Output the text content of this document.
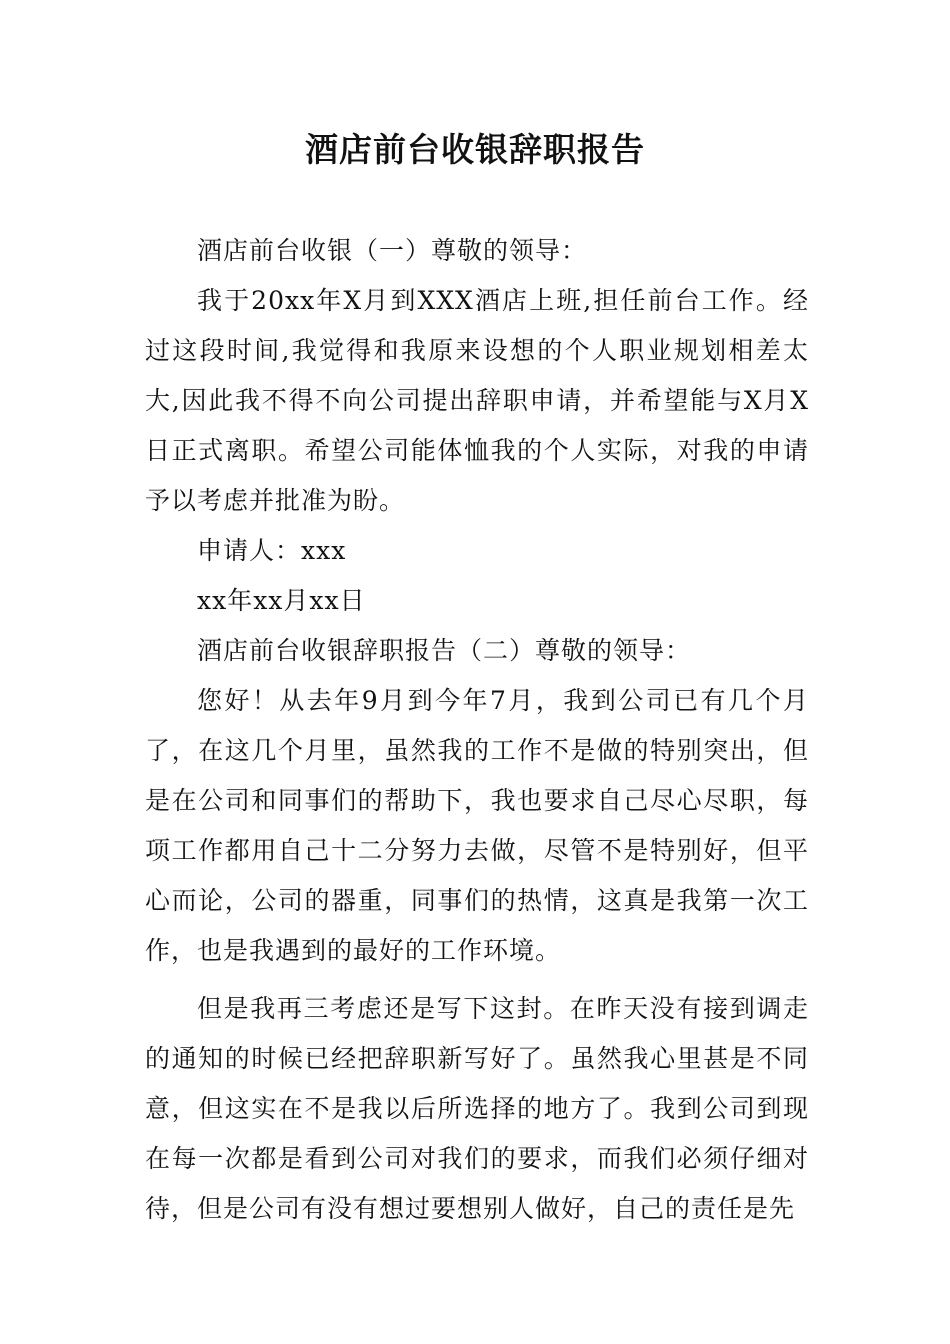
酒店前台收银辞职报告

酒店前台收银（一）尊敬的领导：

我于20xx年X月到XXX酒店上班,担任前台工作。经过这段时间,我觉得和我原来设想的个人职业规划相差太大,因此我不得不向公司提出辞职申请，并希望能与X月X日正式离职。希望公司能体恤我的个人实际，对我的申请予以考虑并批准为盼。

申请人：xxx

xx年xx月xx日

酒店前台收银辞职报告（二）尊敬的领导：

您好！从去年9月到今年7月，我到公司已有几个月了，在这几个月里，虽然我的工作不是做的特别突出，但是在公司和同事们的帮助下，我也要求自己尽心尽职，每项工作都用自己十二分努力去做，尽管不是特别好，但平心而论，公司的器重，同事们的热情，这真是我第一次工作，也是我遇到的最好的工作环境。

但是我再三考虑还是写下这封。在昨天没有接到调走的通知的时候已经把辞职新写好了。虽然我心里甚是不同意，但这实在不是我以后所选择的地方了。我到公司到现在每一次都是看到公司对我们的要求，而我们必须仔细对待，但是公司有没有想过要想别人做好，自己的责任是先
